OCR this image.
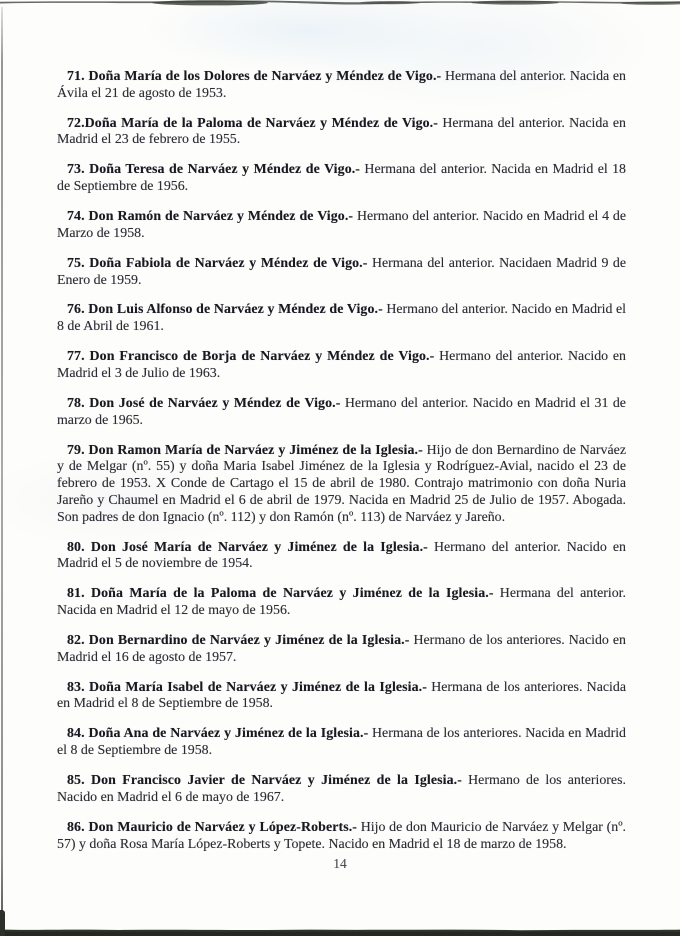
71. Doña María de los Dolores de Narváez y Méndez de Vigo.- Hermana del anterior. Nacida en Ávila el 21 de agosto de 1953.

72.Doña María de la Paloma de Narváez y Méndez de Vigo.- Hermana del anterior. Nacida en Madrid el 23 de febrero de 1955.

73. Doña Teresa de Narváez y Méndez de Vigo.- Hermana del anterior. Nacida en Madrid el 18 de Septiembre de 1956.

74. Don Ramón de Narváez y Méndez de Vigo.- Hermano del anterior. Nacido en Madrid el 4 de Marzo de 1958.

75. Doña Fabiola de Narváez y Méndez de Vigo.- Hermana del anterior. Nacidaen Madrid 9 de Enero de 1959.

76. Don Luis Alfonso de Narváez y Méndez de Vigo.- Hermano del anterior. Nacido en Madrid el 8 de Abril de 1961.

77. Don Francisco de Borja de Narváez y Méndez de Vigo.- Hermano del anterior. Nacido en Madrid el 3 de Julio de 1963.

78. Don José de Narváez y Méndez de Vigo.- Hermano del anterior. Nacido en Madrid el 31 de marzo de 1965.

79. Don Ramon María de Narváez y Jiménez de la Iglesia.- Hijo de don Bernardino de Narváez y de Melgar (nº. 55) y doña Maria Isabel Jiménez de la Iglesia y Rodríguez-Avial, nacido el 23 de febrero de 1953. X Conde de Cartago el 15 de abril de 1980. Contrajo matrimonio con doña Nuria Jareño y Chaumel en Madrid el 6 de abril de 1979. Nacida en Madrid 25 de Julio de 1957. Abogada. Son padres de don Ignacio (nº. 112) y don Ramón (nº. 113) de Narváez y Jareño.

80. Don José María de Narváez y Jiménez de la Iglesia.- Hermano del anterior. Nacido en Madrid el 5 de noviembre de 1954.

81. Doña María de la Paloma de Narváez y Jiménez de la Iglesia.- Hermana del anterior. Nacida en Madrid el 12 de mayo de 1956.

82. Don Bernardino de Narváez y Jiménez de la Iglesia.- Hermano de los anteriores. Nacido en Madrid el 16 de agosto de 1957.

83. Doña María Isabel de Narváez y Jiménez de la Iglesia.- Hermana de los anteriores. Nacida en Madrid el 8 de Septiembre de 1958.

84. Doña Ana de Narváez y Jiménez de la Iglesia.- Hermana de los anteriores. Nacida en Madrid el 8 de Septiembre de 1958.

85. Don Francisco Javier de Narváez y Jiménez de la Iglesia.- Hermano de los anteriores. Nacido en Madrid el 6 de mayo de 1967.

86. Don Mauricio de Narváez y López-Roberts.- Hijo de don Mauricio de Narváez y Melgar (nº. 57) y doña Rosa María López-Roberts y Topete. Nacido en Madrid el 18 de marzo de 1958.

14
